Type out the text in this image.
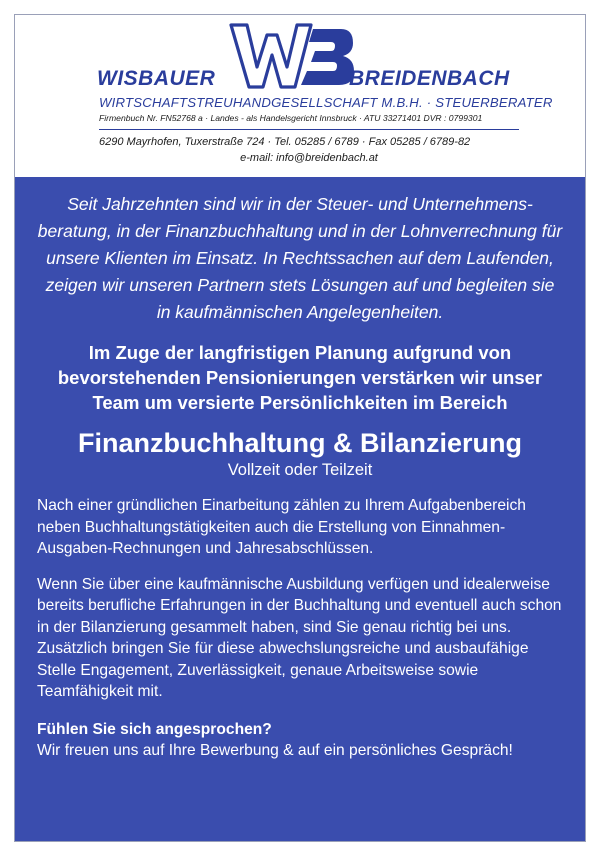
WISBAUER	BREIDENBACH
WIRTSCHAFTSTREUHANDGESELLSCHAFT M.B.H. · STEUERBERATER
Firmenbuch Nr. FN52768 a · Landes - als Handelsgericht Innsbruck · ATU 33271401 DVR : 0799301
6290 Mayrhofen, Tuxerstraße 724 · Tel. 05285 / 6789 · Fax 05285 / 6789-82
e-mail: info@breidenbach.at

Seit Jahrzehnten sind wir in der Steuer- und Unternehmensberatung, in der Finanzbuchhaltung und in der Lohnverrechnung für unsere Klienten im Einsatz. In Rechtssachen auf dem Laufenden, zeigen wir unseren Partnern stets Lösungen auf und begleiten sie in kaufmännischen Angelegenheiten.

Im Zuge der langfristigen Planung aufgrund von bevorstehenden Pensionierungen verstärken wir unser Team um versierte Persönlichkeiten im Bereich

Finanzbuchhaltung & Bilanzierung

Vollzeit oder Teilzeit

Nach einer gründlichen Einarbeitung zählen zu Ihrem Aufgabenbereich neben Buchhaltungstätigkeiten auch die Erstellung von Einnahmen-Ausgaben-Rechnungen und Jahresabschlüssen.

Wenn Sie über eine kaufmännische Ausbildung verfügen und idealerweise bereits berufliche Erfahrungen in der Buchhaltung und eventuell auch schon in der Bilanzierung gesammelt haben, sind Sie genau richtig bei uns. Zusätzlich bringen Sie für diese abwechslungsreiche und ausbaufähige Stelle Engagement, Zuverlässigkeit, genaue Arbeitsweise sowie Teamfähigkeit mit.

Fühlen Sie sich angesprochen?

Wir freuen uns auf Ihre Bewerbung & auf ein persönliches Gespräch!
